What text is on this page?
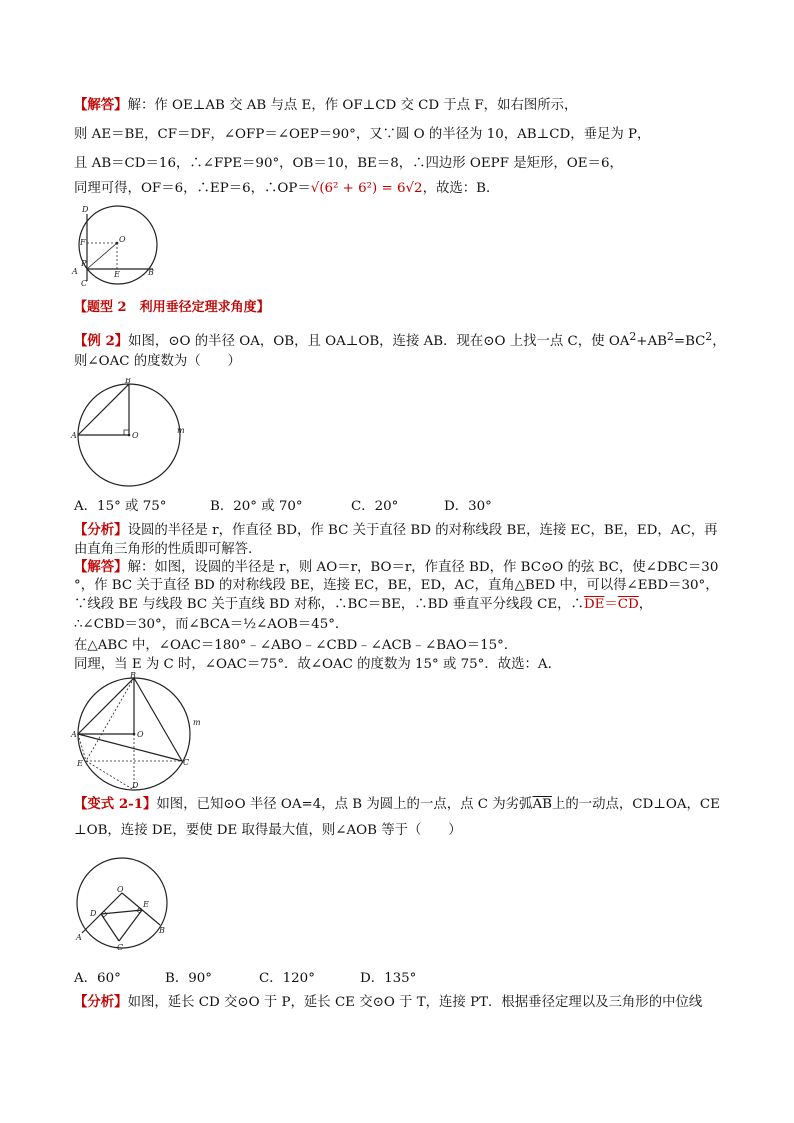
【解答】解：作 OE⊥AB 交 AB 与点 E，作 OF⊥CD 交 CD 于点 F，如右图所示，
则 AE＝BE，CF＝DF，∠OFP＝∠OEP＝90°，又∵圆 O 的半径为 10，AB⊥CD，垂足为 P，
且 AB＝CD＝16，∴∠FPE＝90°，OB＝10，BE＝8，∴四边形 OEPF 是矩形，OE＝6，
同理可得，OF＝6，∴EP＝6，∴OP＝√(6² + 6²) = 6√2，故选：B．
D
F	O
P
A
C
E	B
【题型 2　利用垂径定理求角度】
【例 2】如图，⊙O 的半径 OA，OB，且 OA⊥OB，连接 AB．现在⊙O 上找一点 C，使 $OA^2+AB^2=BC^2$，
则∠OAC 的度数为（　　）
B
A	O
m
A．15° 或 75°	B．20° 或 70°	C．20°	D．30°
【分析】设圆的半径是 r，作直径 BD，作 BC 关于直径 BD 的对称线段 BE，连接 EC，BE，ED，AC，再
由直角三角形的性质即可解答．
【解答】解：如图，设圆的半径是 r，则 AO＝r，BO＝r，作直径 BD，作 BC⊙O 的弦 BC，使∠DBC＝30
°，作 BC 关于直径 BD 的对称线段 BE，连接 EC，BE，ED，AC，直角△BED 中，可以得∠EBD＝30°，
∵线段 BE 与线段 BC 关于直线 BD 对称，∴BC＝BE，∴BD 垂直平分线段 CE，$\therefore\overline{DE}=\overline{CD}$，
∴∠CBD＝30°，而∠BCA＝½∠AOB＝45°．
在△ABC 中，∠OAC＝180°﹣∠ABO﹣∠CBD﹣∠ACB﹣∠BAO＝15°．
同理，当 E 为 C 时，∠OAC＝75°．故∠OAC 的度数为 15° 或 75°．故选：A．
B
A	O
m
E	C
D
【变式 2-1】如图，已知⊙O 半径 OA=4，点 B 为圆上的一点，点 C 为劣弧$\overline{AB}$上的一动点，CD⊥OA，CE
⊥OB，连接 DE，要使 DE 取得最大值，则∠AOB 等于（　　）
O
E
D
A
C
B
A．60°	B．90°	C．120°	D．135°
【分析】如图，延长 CD 交⊙O 于 P，延长 CE 交⊙O 于 T，连接 PT．根据垂径定理以及三角形的中位线
